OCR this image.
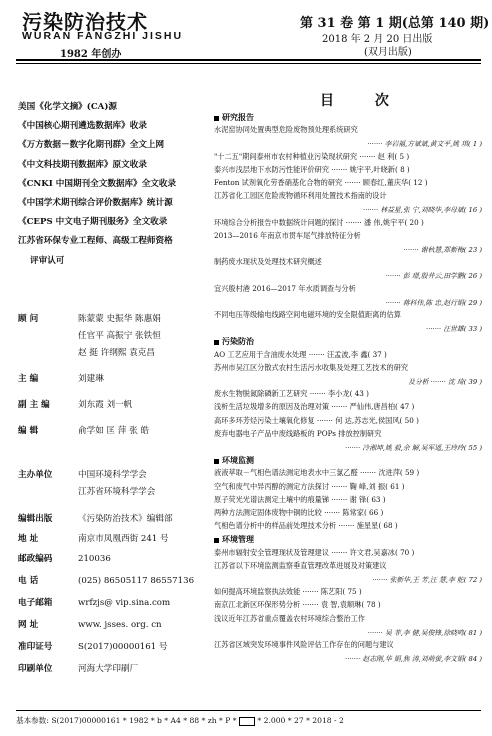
污染防治技术
WURAN FANGZHI JISHU
1982 年创办
第 31 卷 第 1 期(总第 140 期)
2018 年 2 月 20 日出版
(双月出版)
美国《化学文摘》(CA)源
《中国核心期刊遴选数据库》收录
《万方数据－数字化期刊群》全文上网
《中文科技期刊数据库》原文收录
《CNKI 中国期刊全文数据库》全文收录
《中国学术期刊综合评价数据库》统计源
《CEPS 中文电子期刊服务》全文收录
江苏省环保专业工程师、高级工程师资格
评审认可
顾 问	陈蒙蒙 史振华 陈惠娟
任官平 高振宁 张铁恒
赵 挺 许纲熙 袁克昌
主 编	刘建琳
副 主 编	刘东霞 刘一帆
编 辑	俞学如 匡 萍 张 皓
主办单位	中国环境科学学会
江苏省环境科学学会
编辑出版	《污染防治技术》编辑部
地 址	南京市凤凰西街 241 号
邮政编码	210036
电 话	(025) 86505117 86557136
电子邮箱	wrfzjs@ vip.sina.com
网 址	www. jsses. org. cn
准印证号	S(2017)00000161 号
印刷单位	河海大学印刷厂
目 次
研究报告
水泥窑协同处置典型危险废物预处理系统研究
······· 李岩福,方斌斌,黄文平,姚 琪( 1 )
"十二五"期间泰州市农村种植业污染现状研究 ······· 赵 利( 5 )
泰兴市浅层地下水防污性能评价研究 ······· 姚宇平,叶晓新( 8 )
Fenton 试剂氧化劳香硝基化合物的研究 ······· 顾春红,董庆华( 12 )
江苏省化工园区危险废物循环利用处置技术指南的设计
······· 林益星,张 宁,刘晓华,李母斌( 16 )
环境综合分析报告中数据统计问题的探讨 ······· 潘 伟,姚宇平( 20 )
2013—2016 年南京市贯车尾气排放特征分析
······· 谢秋慧,郑新梅( 23 )
制药废水现状及处理技术研究概述
······· 彭 璟,殷井云,田学鹏( 26 )
宜兴殷村港 2016—2017 年水质调查与分析
······· 蒋科伟,陈 忠,赵行娟( 29 )
不同电压等级输电线路空间电磁环境的安全限值距离的估算
······· 汪世雄( 33 )
污染防治
AO 工艺应用于含油废水处理 ······· 汪孟波,李 鑫( 37 )
苏州市吴江区分散式农村生活污水收集及处理工艺技术的研究
及分析 ······· 沈 琦( 39 )
废水生物脱氮除磷新工艺研究 ······· 李小龙( 43 )
浅析生活垃圾增多的原因及治理对策 ······· 严仙伟,唐昌柏( 47 )
高环多环芳烃污染土壤氧化修复 ······· 何 达,苏志光,侯国风( 50 )
废弃电器电子产品中废线路板的 POPs 排放控制研究
······· 冷湘坤,姚 毅,余 解,吴军遥,王玲玲( 55 )
环境监测
液液萃取－气相色谱法测定地表水中三氯乙醛 ······· 沈进萍( 59 )
空气和废气中异丙醇的测定方法探讨 ······· 鞠 峰,刘 振( 61 )
原子荧光光谱法测定土壤中的痕量锑 ······· 谢 锋( 63 )
两种方法测定固体废物中铜的比较 ······· 陈常家( 66 )
气相色谱分析中的样品前处理技术分析 ······· 施星星( 68 )
环境管理
泰州市辐射安全管理现状及管理建议 ······· 许文君,吴嘉冰( 70 )
江苏省以下环境监测监察垂直管理改革进展及对策建议
······· 张新华,王 芳,汪 慧,李 舵( 72 )
如何提高环境监察执法效能 ······· 陈艺阳( 75 )
南京江北新区环保形势分析 ······· 袁 智,袁顺琳( 78 )
浅议近年江苏省重点覆盖农村环境综合整治工作
······· 吴 菲,李 健,吴俊锋,徐晓鸣( 81 )
江苏省区域突发环境事件风险评估工作存在的问题与建议
······· 赵志刚,华 娟,焦 涛,刘萌萤,李文娟( 84 )
基本参数: S(2017)00000161 * 1982 * b * A4 * 88 * zh * P *	* 2.000 * 27 * 2018 - 2
